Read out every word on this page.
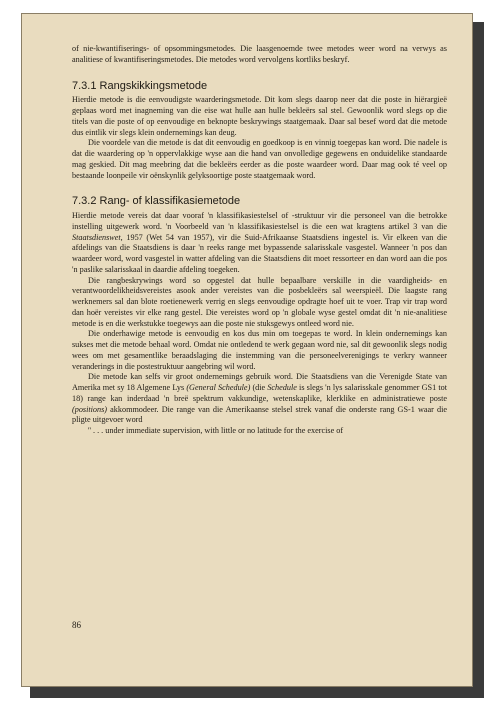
of nie-kwantifiserings- of opsommingsmetodes. Die laasgenoemde twee metodes weer word na verwys as analitiese of kwantifiseringsmetodes. Die metodes word vervolgens kortliks beskryf.

7.3.1 Rangskikkingsmetode

Hierdie metode is die eenvoudigste waarderingsmetode. Dit kom slegs daarop neer dat die poste in hiërargieë geplaas word met inagneming van die eise wat hulle aan hulle bekleërs sal stel. Gewoonlik word slegs op die titels van die poste of op eenvoudige en beknopte beskrywings staatgemaak. Daar sal besef word dat die metode dus eintlik vir slegs klein ondernemings kan deug.

Die voordele van die metode is dat dit eenvoudig en goedkoop is en vinnig toegepas kan word. Die nadele is dat die waardering op 'n oppervlakkige wyse aan die hand van onvolledige gegewens en onduidelike standaarde mag geskied. Dit mag meebring dat die bekleërs eerder as die poste waardeer word. Daar mag ook té veel op bestaande loonpeile vir oënskynlik gelyksoortige poste staatgemaak word.

7.3.2 Rang- of klassifikasiemetode

Hierdie metode vereis dat daar vooraf 'n klassifikasiestelsel of -struktuur vir die personeel van die betrokke instelling uitgewerk word. 'n Voorbeeld van 'n klassifikasiestelsel is die een wat kragtens artikel 3 van die Staatsdienswet, 1957 (Wet 54 van 1957), vir die Suid-Afrikaanse Staatsdiens ingestel is. Vir elkeen van die afdelings van die Staatsdiens is daar 'n reeks range met bypassende salarisskale vasgestel. Wanneer 'n pos dan waardeer word, word vasgestel in watter afdeling van die Staatsdiens dit moet ressorteer en dan word aan die pos 'n paslike salarisskaal in daardie afdeling toegeken.

Die rangbeskrywings word so opgestel dat hulle bepaalbare verskille in die vaardigheids- en verantwoordelikheidsvereistes asook ander vereistes van die posbekleërs sal weerspieël. Die laagste rang werknemers sal dan blote roetienewerk verrig en slegs eenvoudige opdragte hoef uit te voer. Trap vir trap word dan hoër vereistes vir elke rang gestel. Die vereistes word op 'n globale wyse gestel omdat dit 'n nie-analitiese metode is en die werkstukke toegewys aan die poste nie stuksgewys ontleed word nie.

Die onderhawige metode is eenvoudig en kos dus min om toegepas te word. In klein ondernemings kan sukses met die metode behaal word. Omdat nie ontledend te werk gegaan word nie, sal dit gewoonlik slegs nodig wees om met gesamentlike beraadslaging die instemming van die personeelverenigings te verkry wanneer veranderings in die postestruktuur aangebring wil word.

Die metode kan selfs vir groot ondernemings gebruik word. Die Staatsdiens van die Verenigde State van Amerika met sy 18 Algemene Lys (General Schedule) (die Schedule is slegs 'n lys salarisskale genommer GS1 tot 18) range kan inderdaad 'n breë spektrum vakkundige, wetenskaplike, klerklike en administratiewe poste (positions) akkommodeer. Die range van die Amerikaanse stelsel strek vanaf die onderste rang GS-1 waar die pligte uitgevoer word

'' . . . under immediate supervision, with little or no latitude for the exercise of

86
